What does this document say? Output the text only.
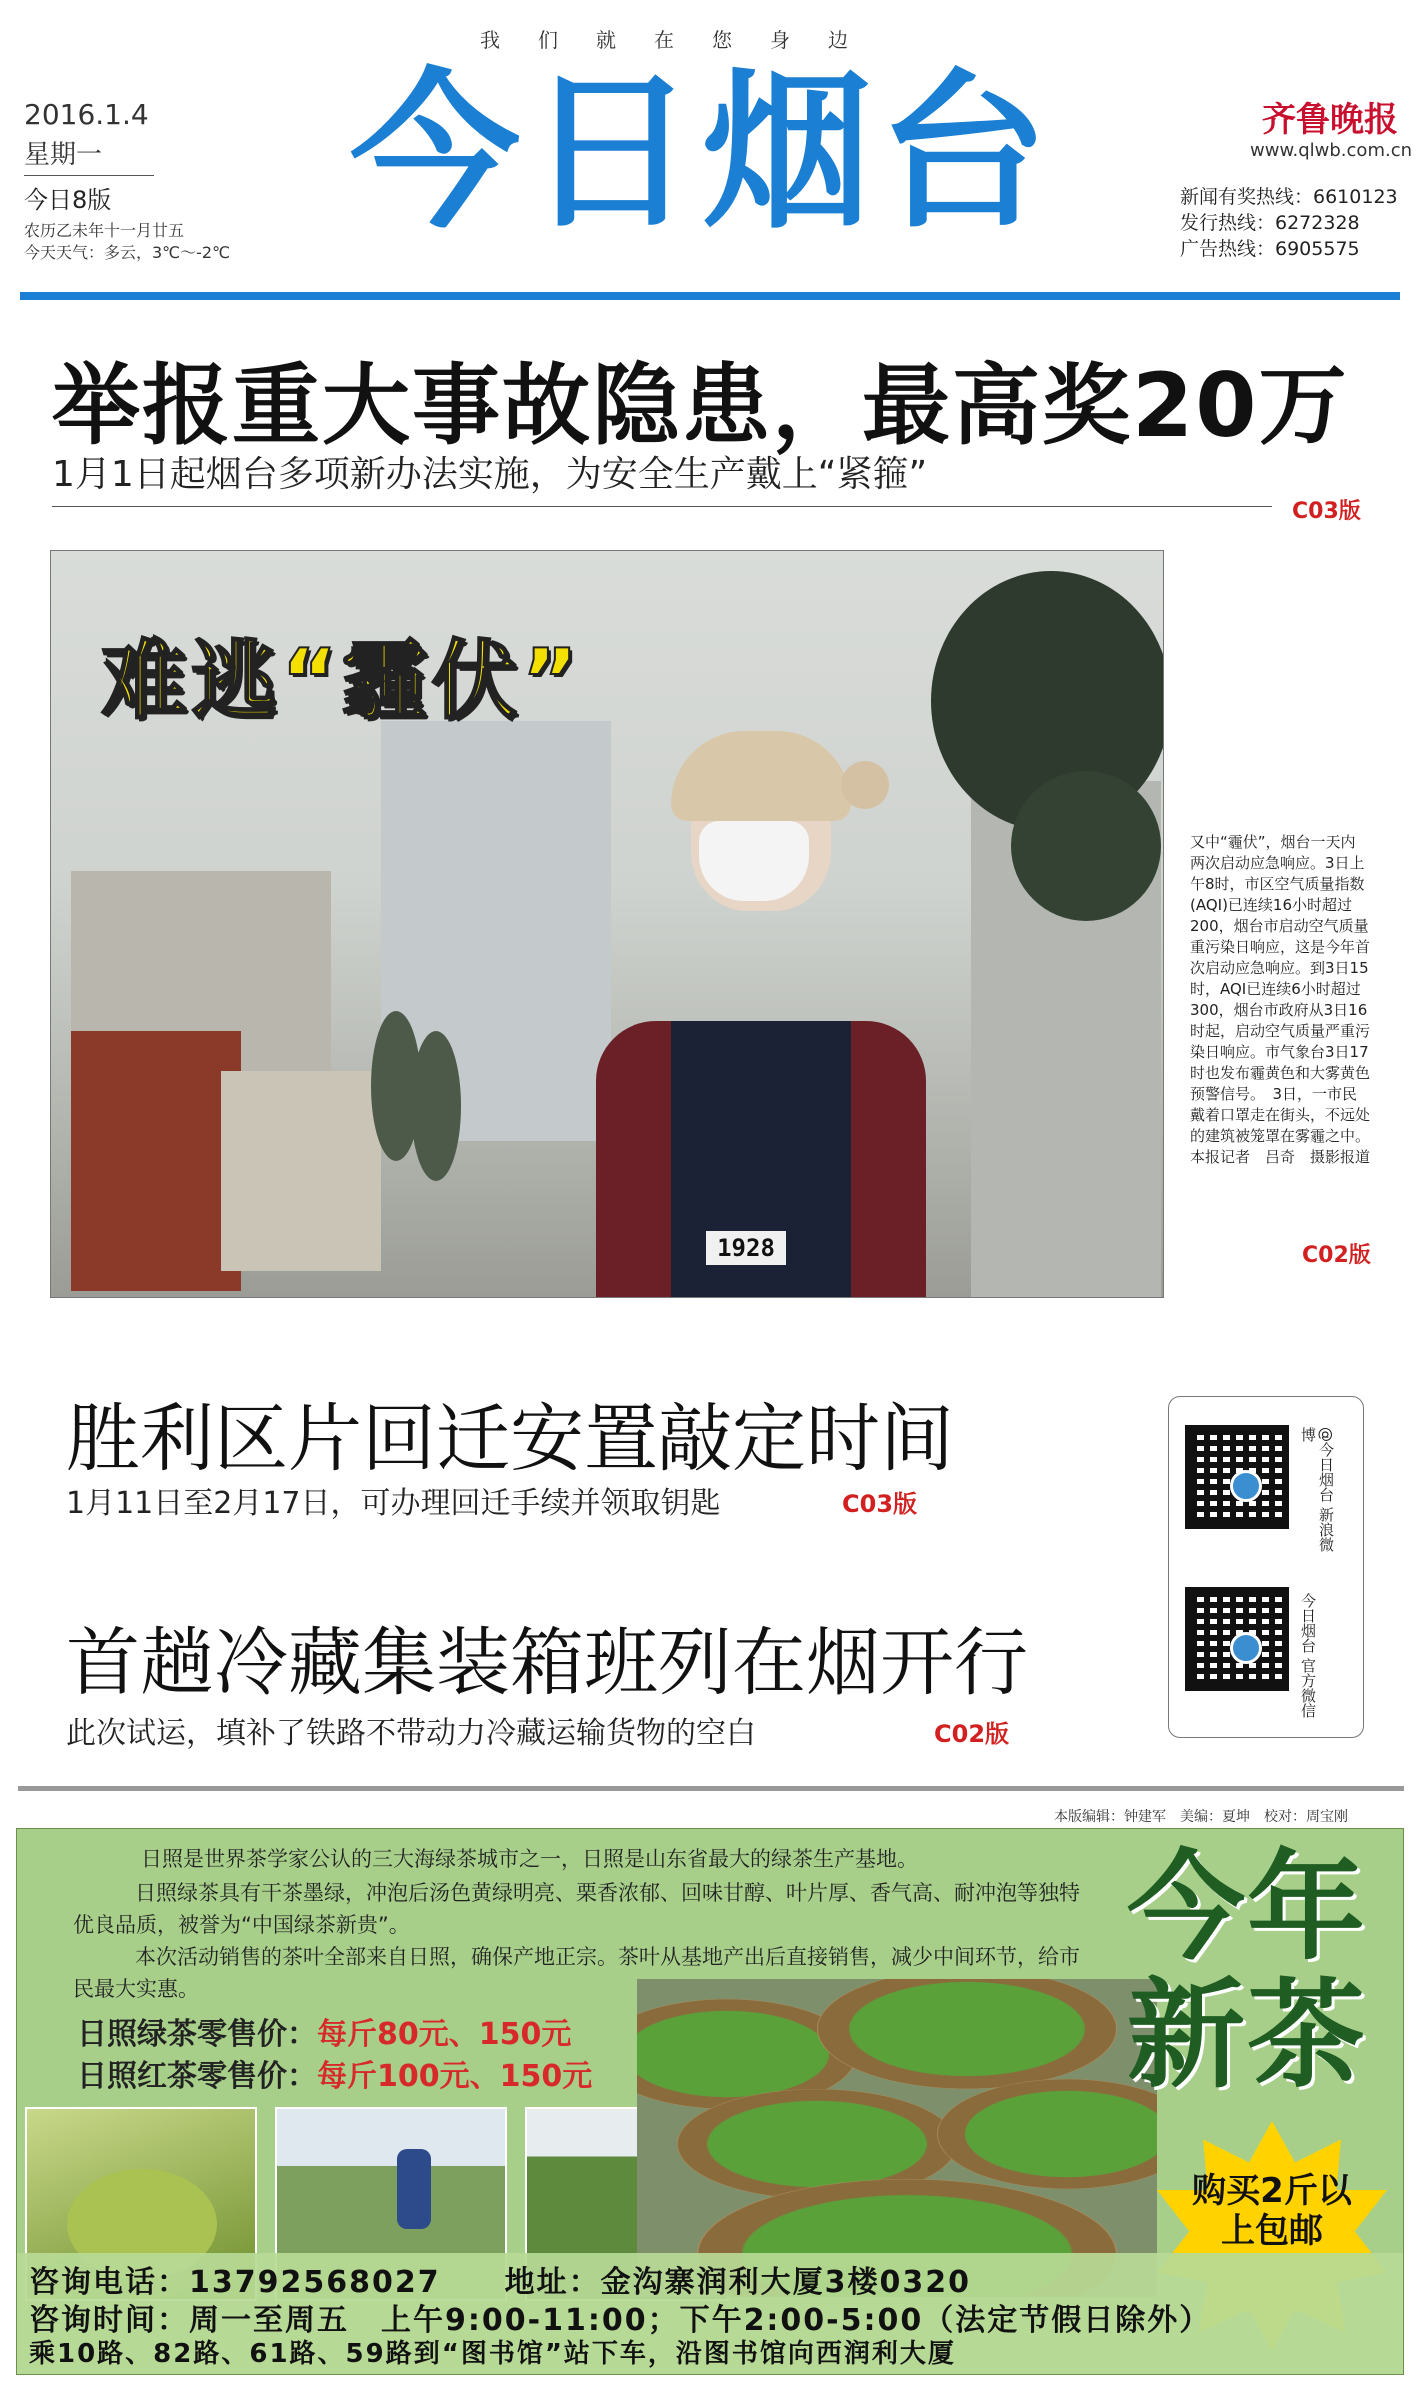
我们就在您身边
2016.1.4
星期一
今日8版
农历乙未年十一月廿五
今天天气：多云，3℃～-2℃
今日烟台	齐鲁晚报
www.qlwb.com.cn
新闻有奖热线：6610123
发行热线：6272328
广告热线：6905575
举报重大事故隐患，最高奖20万
1月1日起烟台多项新办法实施，为安全生产戴上“紧箍”
C03版
1928
难逃“霾伏”
又中“霾伏”，烟台一天内两次启动应急响应。3日上午8时，市区空气质量指数(AQI)已连续16小时超过200，烟台市启动空气质量重污染日响应，这是今年首次启动应急响应。到3日15时，AQI已连续6小时超过300，烟台市政府从3日16时起，启动空气质量严重污染日响应。市气象台3日17时也发布霾黄色和大雾黄色预警信号。　3日，一市民戴着口罩走在街头，不远处的建筑被笼罩在雾霾之中。本报记者　吕奇　摄影报道
C02版
胜利区片回迁安置敲定时间
1月11日至2月17日，可办理回迁手续并领取钥匙	C03版
首趟冷藏集装箱班列在烟开行
此次试运，填补了铁路不带动力冷藏运输货物的空白	C02版
@今日烟台 新浪微博
今日烟台 官方微信
本版编辑：钟建军　美编：夏坤　校对：周宝刚
日照是世界茶学家公认的三大海绿茶城市之一，日照是山东省最大的绿茶生产基地。
日照绿茶具有干茶墨绿，冲泡后汤色黄绿明亮、栗香浓郁、回味甘醇、叶片厚、香气高、耐冲泡等独特优良品质，被誉为“中国绿茶新贵”。
本次活动销售的茶叶全部来自日照，确保产地正宗。茶叶从基地产出后直接销售，减少中间环节，给市民最大实惠。
日照绿茶零售价：每斤80元、150元
日照红茶零售价：每斤100元、150元
今年新茶
购买2斤以上包邮
咨询电话：13792568027　　地址：金沟寨润利大厦3楼0320
咨询时间：周一至周五　上午9:00-11:00；下午2:00-5:00（法定节假日除外）
乘10路、82路、61路、59路到“图书馆”站下车，沿图书馆向西润利大厦
